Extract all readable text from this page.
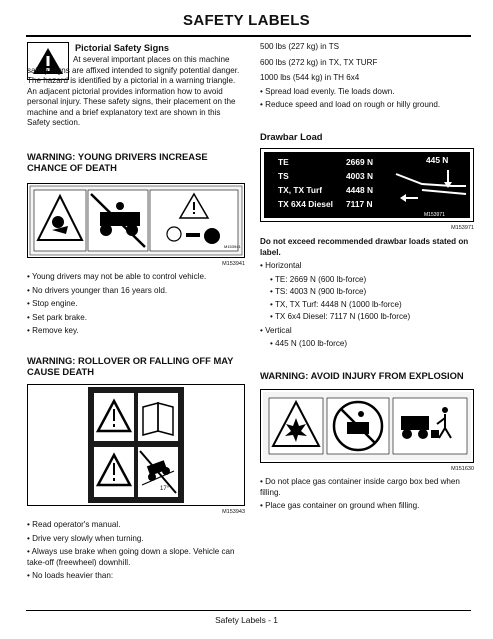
SAFETY LABELS
Pictorial Safety Signs

At several important places on this machine safety signs are affixed intended to signify potential danger. The hazard is identified by a pictorial in a warning triangle. An adjacent pictorial provides information how to avoid personal injury. These safety signs, their placement on the machine and a brief explanatory text are shown in this Safety section.

WARNING: YOUNG DRIVERS INCREASE CHANCE OF DEATH
M153941
M153941
• Young drivers may not be able to control vehicle.
• No drivers younger than 16 years old.
• Stop engine.
• Set park brake.
• Remove key.
WARNING: ROLLOVER OR FALLING OFF MAY CAUSE DEATH
17°
M153943
• Read operator's manual.
• Drive very slowly when turning.
• Always use brake when going down a slope. Vehicle can take-off (freewheel) downhill.
• No loads heavier than:
500 lbs (227 kg) in TS
600 lbs (272 kg) in TX, TX TURF
1000 lbs (544 kg) in TH 6x4
• Spread load evenly. Tie loads down.
• Reduce speed and load on rough or hilly ground.
Drawbar Load
TE	2669 N
TS	4003 N
TX, TX Turf	4448 N
TX 6X4 Diesel 7117 N
445 N
M153971
M153971
Do not exceed recommended drawbar loads stated on label.
• Horizontal
• TE: 2669 N (600 lb-force)
• TS: 4003 N (900 lb-force)
• TX, TX Turf: 4448 N (1000 lb-force)
• TX 6x4 Diesel: 7117 N (1600 lb-force)
• Vertical
• 445 N (100 lb-force)
WARNING: AVOID INJURY FROM EXPLOSION
M151630
• Do not place gas container inside cargo box bed when filling.
• Place gas container on ground when filling.
Safety Labels - 1
